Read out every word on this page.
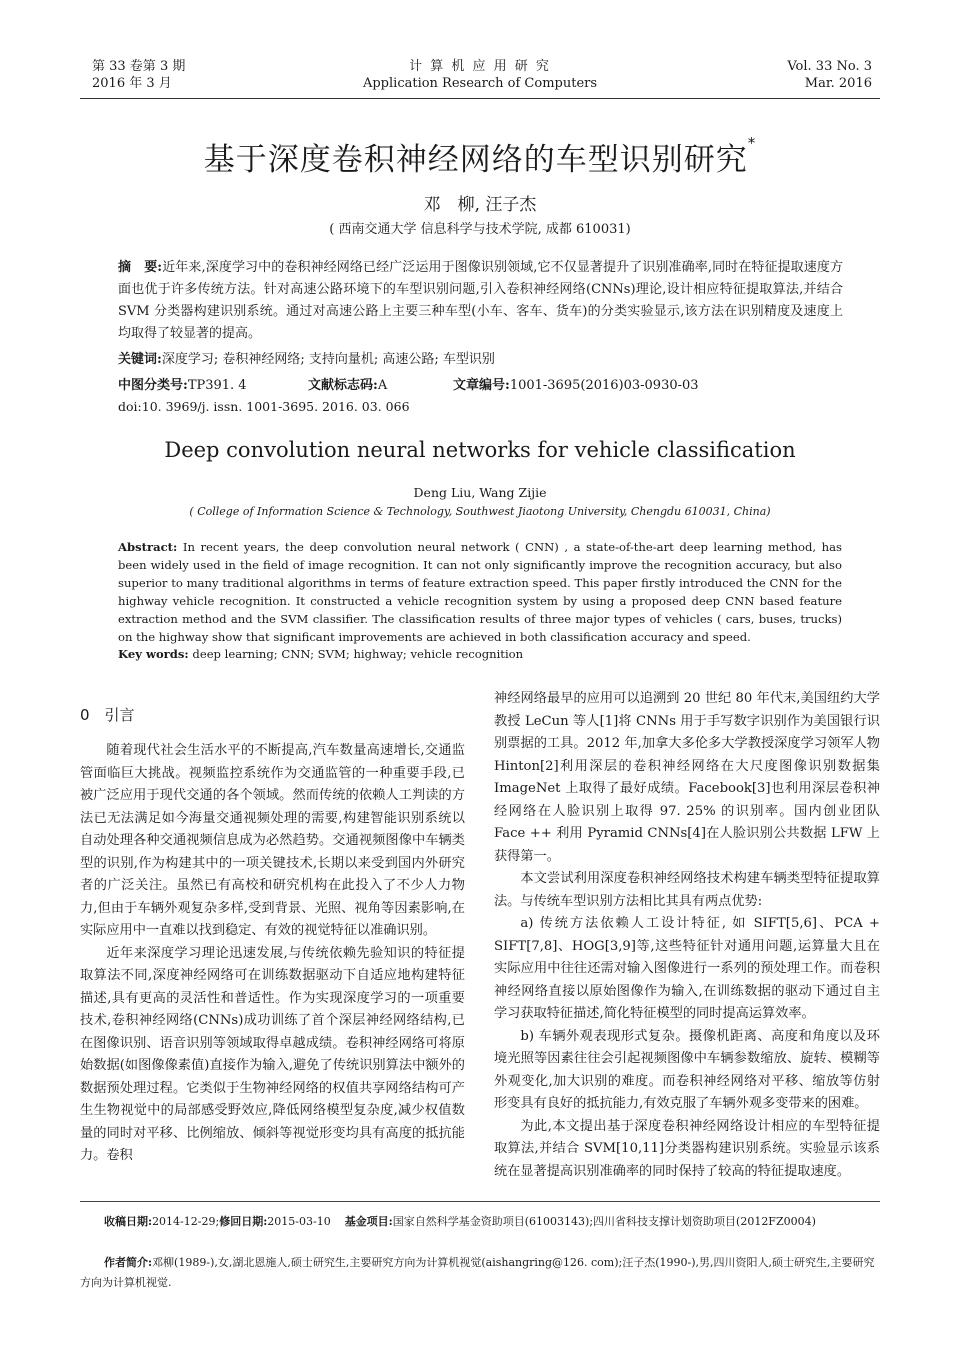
第 33 卷第 3 期
2016 年 3 月
计 算 机 应 用 研 究
Application Research of Computers
Vol. 33 No. 3
Mar. 2016
基于深度卷积神经网络的车型识别研究*
邓　柳, 汪子杰
( 西南交通大学 信息科学与技术学院, 成都 610031)
摘　要:近年来,深度学习中的卷积神经网络已经广泛运用于图像识别领域,它不仅显著提升了识别准确率,同时在特征提取速度方面也优于许多传统方法。针对高速公路环境下的车型识别问题,引入卷积神经网络(CNNs)理论,设计相应特征提取算法,并结合 SVM 分类器构建识别系统。通过对高速公路上主要三种车型(小车、客车、货车)的分类实验显示,该方法在识别精度及速度上均取得了较显著的提高。
关键词:深度学习; 卷积神经网络; 支持向量机; 高速公路; 车型识别
中图分类号:TP391. 4	文献标志码:A	文章编号:1001-3695(2016)03-0930-03
doi:10. 3969/j. issn. 1001-3695. 2016. 03. 066
Deep convolution neural networks for vehicle classification
Deng Liu, Wang Zijie
( College of Information Science & Technology, Southwest Jiaotong University, Chengdu 610031, China)
Abstract: In recent years, the deep convolution neural network ( CNN) , a state-of-the-art deep learning method, has been widely used in the field of image recognition. It can not only significantly improve the recognition accuracy, but also superior to many traditional algorithms in terms of feature extraction speed. This paper firstly introduced the CNN for the highway vehicle recognition. It constructed a vehicle recognition system by using a proposed deep CNN based feature extraction method and the SVM classifier. The classification results of three major types of vehicles ( cars, buses, trucks) on the highway show that significant improvements are achieved in both classification accuracy and speed.
Key words: deep learning; CNN; SVM; highway; vehicle recognition
0　引言

随着现代社会生活水平的不断提高,汽车数量高速增长,交通监管面临巨大挑战。视频监控系统作为交通监管的一种重要手段,已被广泛应用于现代交通的各个领域。然而传统的依赖人工判读的方法已无法满足如今海量交通视频处理的需要,构建智能识别系统以自动处理各种交通视频信息成为必然趋势。交通视频图像中车辆类型的识别,作为构建其中的一项关键技术,长期以来受到国内外研究者的广泛关注。虽然已有高校和研究机构在此投入了不少人力物力,但由于车辆外观复杂多样,受到背景、光照、视角等因素影响,在实际应用中一直难以找到稳定、有效的视觉特征以准确识别。

近年来深度学习理论迅速发展,与传统依赖先验知识的特征提取算法不同,深度神经网络可在训练数据驱动下自适应地构建特征描述,具有更高的灵活性和普适性。作为实现深度学习的一项重要技术,卷积神经网络(CNNs)成功训练了首个深层神经网络结构,已在图像识别、语音识别等领域取得卓越成绩。卷积神经网络可将原始数据(如图像像素值)直接作为输入,避免了传统识别算法中额外的数据预处理过程。它类似于生物神经网络的权值共享网络结构可产生生物视觉中的局部感受野效应,降低网络模型复杂度,减少权值数量的同时对平移、比例缩放、倾斜等视觉形变均具有高度的抵抗能力。卷积

神经网络最早的应用可以追溯到 20 世纪 80 年代末,美国纽约大学教授 LeCun 等人[1]将 CNNs 用于手写数字识别作为美国银行识别票据的工具。2012 年,加拿大多伦多大学教授深度学习领军人物 Hinton[2]利用深层的卷积神经网络在大尺度图像识别数据集 ImageNet 上取得了最好成绩。Facebook[3]也利用深层卷积神经网络在人脸识别上取得 97. 25% 的识别率。国内创业团队 Face ++ 利用 Pyramid CNNs[4]在人脸识别公共数据 LFW 上获得第一。

本文尝试利用深度卷积神经网络技术构建车辆类型特征提取算法。与传统车型识别方法相比其具有两点优势:

a) 传统方法依赖人工设计特征, 如 SIFT[5,6]、PCA + SIFT[7,8]、HOG[3,9]等,这些特征针对通用问题,运算量大且在实际应用中往往还需对输入图像进行一系列的预处理工作。而卷积神经网络直接以原始图像作为输入,在训练数据的驱动下通过自主学习获取特征描述,简化特征模型的同时提高运算效率。

b) 车辆外观表现形式复杂。摄像机距离、高度和角度以及环境光照等因素往往会引起视频图像中车辆参数缩放、旋转、模糊等外观变化,加大识别的难度。而卷积神经网络对平移、缩放等仿射形变具有良好的抵抗能力,有效克服了车辆外观多变带来的困难。

为此,本文提出基于深度卷积神经网络设计相应的车型特征提取算法,并结合 SVM[10,11]分类器构建识别系统。实验显示该系统在显著提高识别准确率的同时保持了较高的特征提取速度。

收稿日期:2014-12-29;修回日期:2015-03-10 基金项目:国家自然科学基金资助项目(61003143);四川省科技支撑计划资助项目(2012FZ0004)
作者简介:邓柳(1989-),女,湖北恩施人,硕士研究生,主要研究方向为计算机视觉(aishangring@126. com);汪子杰(1990-),男,四川资阳人,硕士研究生,主要研究方向为计算机视觉.
